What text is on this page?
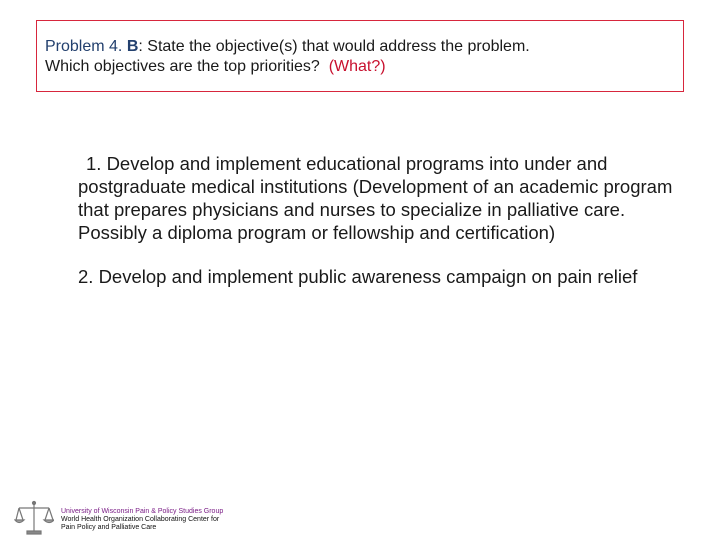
Problem 4. B: State the objective(s) that would address the problem.
Which objectives are the top priorities? (What?)

1. Develop and implement educational programs into under and postgraduate medical institutions (Development of an academic program that prepares physicians and nurses to specialize in palliative care. Possibly a diploma program or fellowship and certification)

2. Develop and implement public awareness campaign on pain relief

University of Wisconsin Pain & Policy Studies Group
World Health Organization Collaborating Center for
Pain Policy and Palliative Care
